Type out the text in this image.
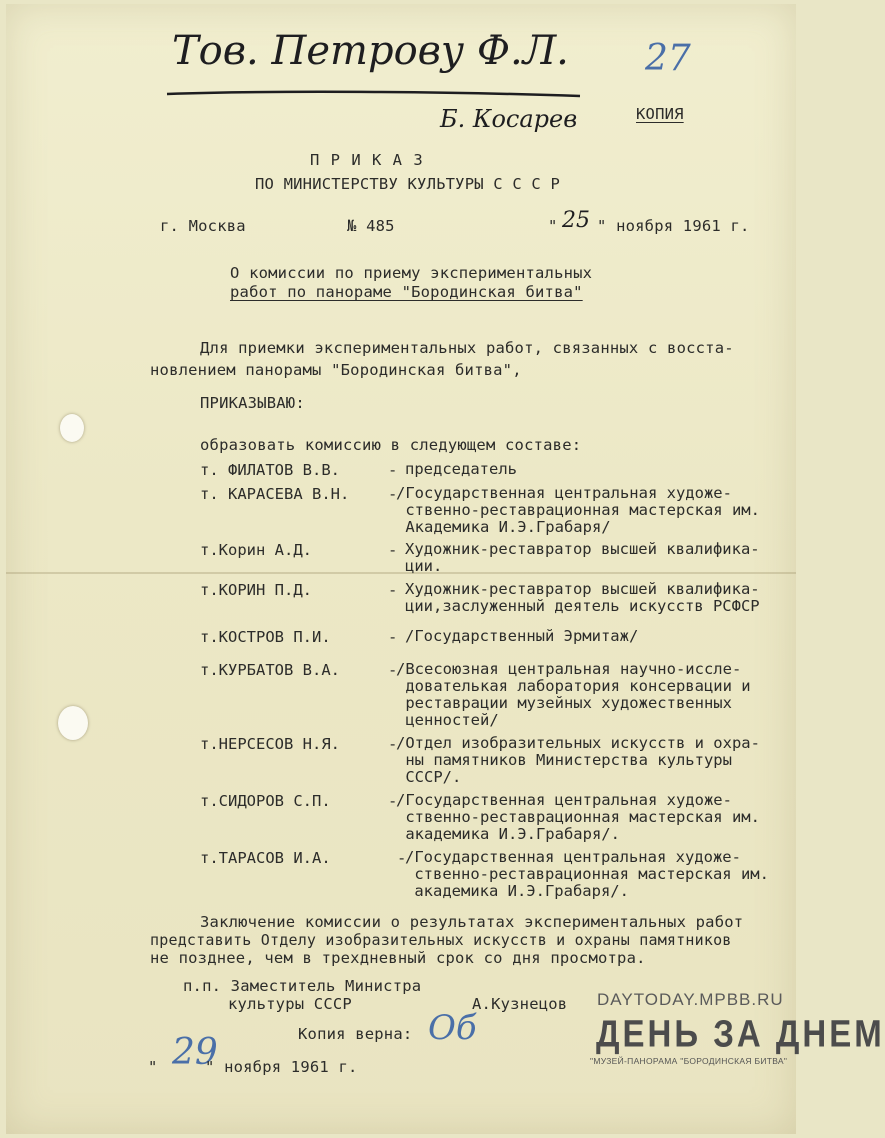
Тов. Петрову Ф.Л.
Б. Косарев
27
КОПИЯ
П Р И К А З
ПО МИНИСТЕРСТВУ КУЛЬТУРЫ С С С Р
г. Москва	№ 485	" 25 " ноября 1961 г.
О комиссии по приему экспериментальных
работ по панораме "Бородинская битва"
Для приемки экспериментальных работ, связанных с восста-
новлением панорамы "Бородинская битва",
ПРИКАЗЫВАЮ:
образовать комиссию в следующем составе:
т. ФИЛАТОВ В.В.	- председатель
т. КАРАСЕВА В.Н. -
/Государственная центральная художе-
ственно-реставрационная мастерская им.
Академика И.Э.Грабаря/
т.Корин А.Д.	- Художник-реставратор высшей квалифика-
ции.
т.КОРИН П.Д.	- Художник-реставратор высшей квалифика-
ции,заслуженный деятель искусств РСФСР
т.КОСТРОВ П.И.	- /Государственный Эрмитаж/
т.КУРБАТОВ В.А.	-
/Всесоюзная центральная научно-иссле-
дователькая лаборатория консервации и
реставрации музейных художественных
ценностей/
т.НЕРСЕСОВ Н.Я.	-
/Отдел изобразительных искусств и охра-
ны памятников Министерства культуры
СССР/.
т.СИДОРОВ С.П.	-
/Государственная центральная художе-
ственно-реставрационная мастерская им.
академика И.Э.Грабаря/.
т.ТАРАСОВ И.А.	-
/Государственная центральная художе-
ственно-реставрационная мастерская им.
академика И.Э.Грабаря/.
Заключение комиссии о результатах экспериментальных работ
представить Отделу изобразительных искусств и охраны памятников
не позднее, чем в трехдневный срок со дня просмотра.
п.п. Заместитель Министра
культуры СССР	А.Кузнецов
Копия верна: Об
" 29
" ноября 1961 г.
DAYTODAY.MPBB.RU
ДЕНЬ ЗА ДНЕМ
"МУЗЕЙ-ПАНОРАМА "БОРОДИНСКАЯ БИТВА"
